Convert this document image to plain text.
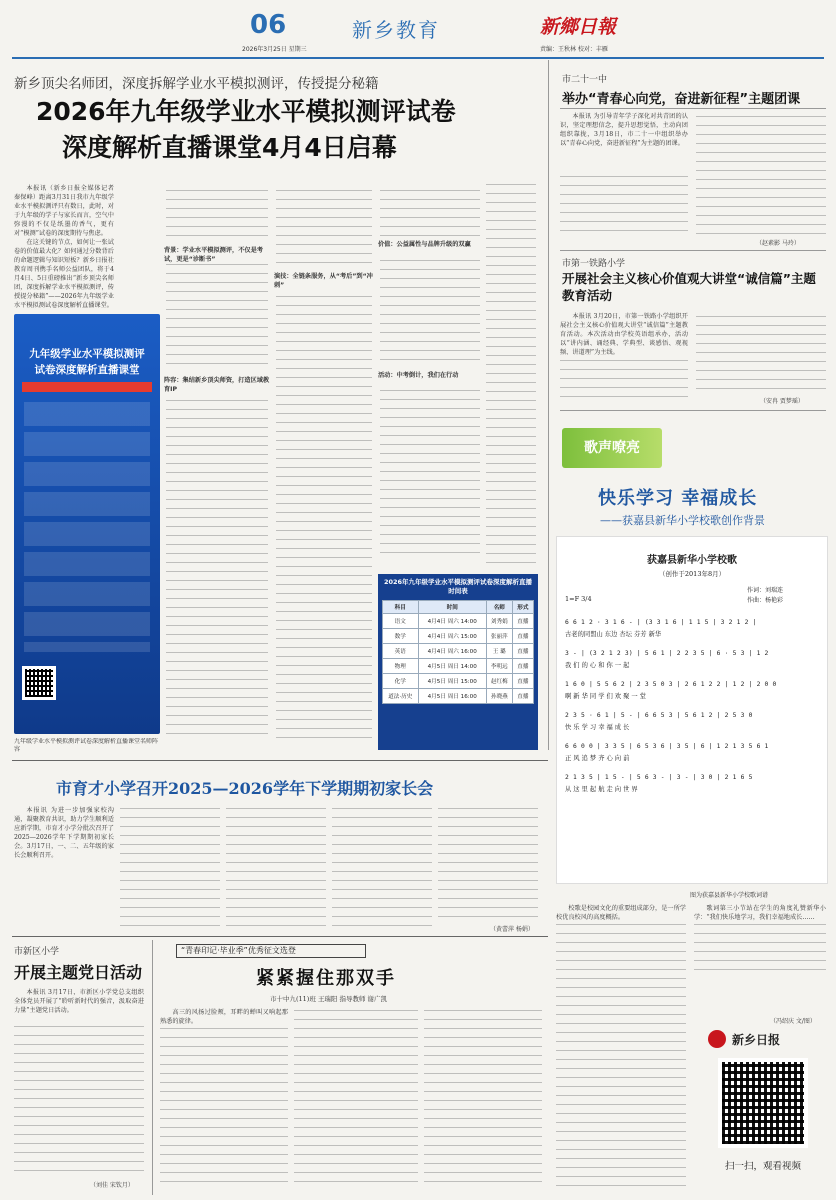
06
2026年3月25日 星期三
新乡教育	新鄉日報
责编：王秋林 校对：丰雁
新乡顶尖名师团，深度拆解学业水平模拟测评，传授提分秘籍
2026年九年级学业水平模拟测评试卷
深度解析直播课堂4月4日启幕

本报讯（新乡日报全媒体记者 秦保峰）距离3月31日我市九年级学业水平模拟测评只有数日，此时，对于九年级的学子与家长而言，空气中弥漫的不仅是纸墨的香气，更有对“模测”试卷的深度期待与焦虑。

在这关键的节点，如何让一张试卷的价值最大化？如何通过分数背后的命题逻辑与知识短板？新乡日报社教育周刊携手名师公益团队，将于4月4日、5日重磅推出“新乡顶尖名师团，深度拆解学业水平模拟测评，传授提分秘籍”——2026年九年级学业水平模拟测试卷深度解析直播课堂。

九年级学业水平模拟测评
试卷深度解析直播课堂
九年级学业水平模拟测评试卷深度解析直播课堂名师阵容
背景：学业水平模拟测评，不仅是考试，更是“诊断书”
阵容：集结新乡顶尖师资，打造区域教育IP
演技：全链条服务，从“考后”到“冲刺”
价值：公益属性与品牌升级的双赢
活动：中考倒计，我们在行动
2026年九年级学业水平模拟测评试卷深度解析直播时间表
科目	时间	名师	形式
语文	4月4日 周六 14:00	刘秀娟	直播
数学	4月4日 周六 15:00	张丽萍	直播
英语	4月4日 周六 16:00	王 璐	直播
物理	4月5日 周日 14:00	李明远	直播
化学	4月5日 周日 15:00	赵红梅	直播
道法·历史	4月5日 周日 16:00	孙晓燕	直播
市二十一中
举办“青春心向党，奋进新征程”主题团课

本报讯 为引导青年学子深化对共青团的认识，坚定理想信念，提升思想觉悟，主动向团组织靠拢，3月18日，市二十一中组织举办以“青春心向党，奋进新征程”为主题的团课。

（赵素影 马玲）
市第一铁路小学
开展社会主义核心价值观大讲堂“诚信篇”主题教育活动

本报讯 3月20日，市第一铁路小学组织开展社会主义核心价值观大讲堂“诚信篇”主题教育活动。本次活动由学校英语组承办，活动以“讲内涵、诵经典、学典型、谈感悟、观视频、讲道理”为主线。

（安冉 贾梦瑶）
歌声嘹亮
快乐学习 幸福成长
——获嘉县新华小学校歌创作背景
获嘉县新华小学校歌
（创作于2013年8月）
1=F 3/4
作词：刘瑞连
作曲：杨艳彩
6 6 1 2 · 3 1 6 - | (3 3 1 6 | 1 1 5 | 3 2 1 2 |
古老的同盟山 东边 杏坛 芬芳 新华
3 - | (3 2 1 2 3) | 5 6 1 | 2 2 3 5 | 6 · 5 3 | 1 2
我 们 的 心 和 你 一 起
1 6 0 | 5 5 6 2 | 2 3 5 0 3 | 2 6 1 2 2 | 1 2 | 2 0 0
啊 新 华 同 学 们 欢 聚 一 堂
2 3 5 · 6 1 | 5 - | 6 6 5 3 | 5 6 1 2 | 2 5 3 0
快 乐 学 习 幸 福 成 长
6 6 0 0 | 3 3 5 | 6 5 3 6 | 3 5 | 6 | 1 2 1 3 5 6 1
正 风 追 梦 齐 心 向 前
2 1 3 5 | 1 5 - | 5 6 3 - | 3 - | 3 0 | 2 1 6 5
从 这 里 起 航 走 向 世 界
图为获嘉县新华小学校歌词谱

校歌是校园文化的重要组成部分，是一所学校优良校风的高度概括。

歌词第三小节站在学生的角度礼赞新华小学：“我们快乐地学习，我们幸福地成长……

（冯绍庆 文/图）
新乡日报
扫一扫，观看视频
市育才小学召开2025—2026学年下学期期初家长会

本报讯 为进一步加强家校沟通，凝聚教育共识，助力学生顺利适应新学期，市育才小学分批次召开了2025—2026学年下学期期初家长会。3月17日，一、二、五年级的家长会顺利召开。

（黄蕾萍 杨娟）
市新区小学
开展主题党日活动

本报讯 3月17日，市新区小学党总支组织全体党员开展了“聆听新时代的强音，汲取奋进力量”主题党日活动。

（刘佳 宋钦月）
“青春印记·毕业季”优秀征文选登
紧紧握住那双手
市十中九(11)班 王瑞阳 指导教师 谢广凯

高三的风扬过脸颊，耳畔的蝉叫又响起那熟悉的旋律。
